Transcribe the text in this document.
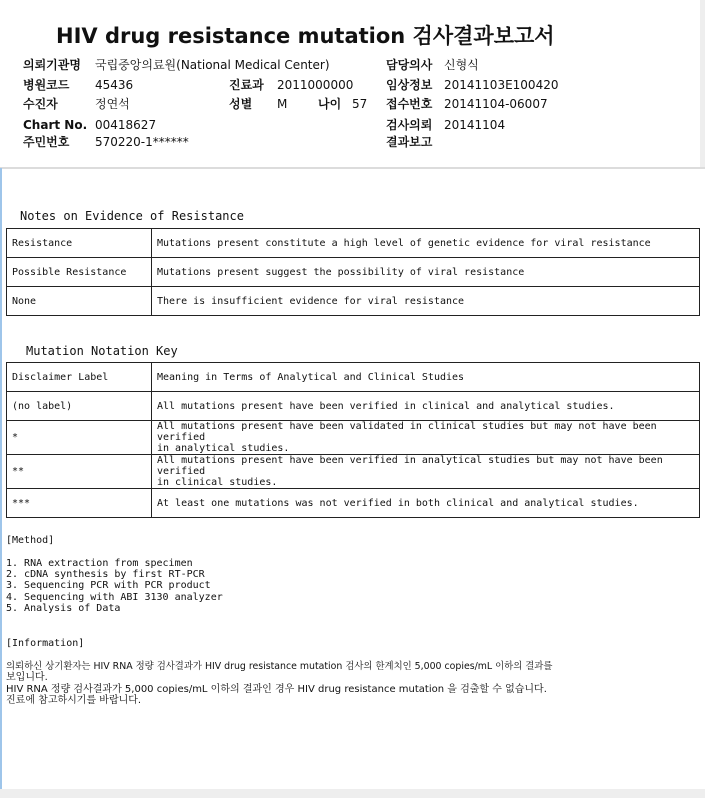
HIV drug resistance mutation 검사결과보고서
의뢰기관명 국립중앙의료원(National Medical Center)
병원코드 45436
수진자	정연석
Chart No. 00418627
주민번호 570220-1******
진료과 2011000000
성별 M	나이 57
담당의사 신형식
임상정보 20141103E100420
접수번호 20141104-06007
검사의뢰 20141104
결과보고
Notes on Evidence of Resistance
Resistance	Mutations present constitute a high level of genetic evidence for viral resistance
Possible Resistance	Mutations present suggest the possibility of viral resistance
None	There is insufficient evidence for viral resistance
Mutation Notation Key
Disclaimer Label	Meaning in Terms of Analytical and Clinical Studies
(no label)	All mutations present have been verified in clinical and analytical studies.
*	All mutations present have been validated in clinical studies but may not have been verified
in analytical studies.

**	All mutations present have been verified in analytical studies but may not have been verified
in clinical studies.

***	At least one mutations was not verified in both clinical and analytical studies.
[Method]
1. RNA extraction from specimen
2. cDNA synthesis by first RT-PCR
3. Sequencing PCR with PCR product
4. Sequencing with ABI 3130 analyzer
5. Analysis of Data
[Information]
의뢰하신 상기환자는 HIV RNA 정량 검사결과가 HIV drug resistance mutation 검사의 한계치인 5,000 copies/mL 이하의 결과를
보입니다.
HIV RNA 정량 검사결과가 5,000 copies/mL 이하의 결과인 경우 HIV drug resistance mutation 을 검출할 수 없습니다.
진료에 참고하시기를 바랍니다.
